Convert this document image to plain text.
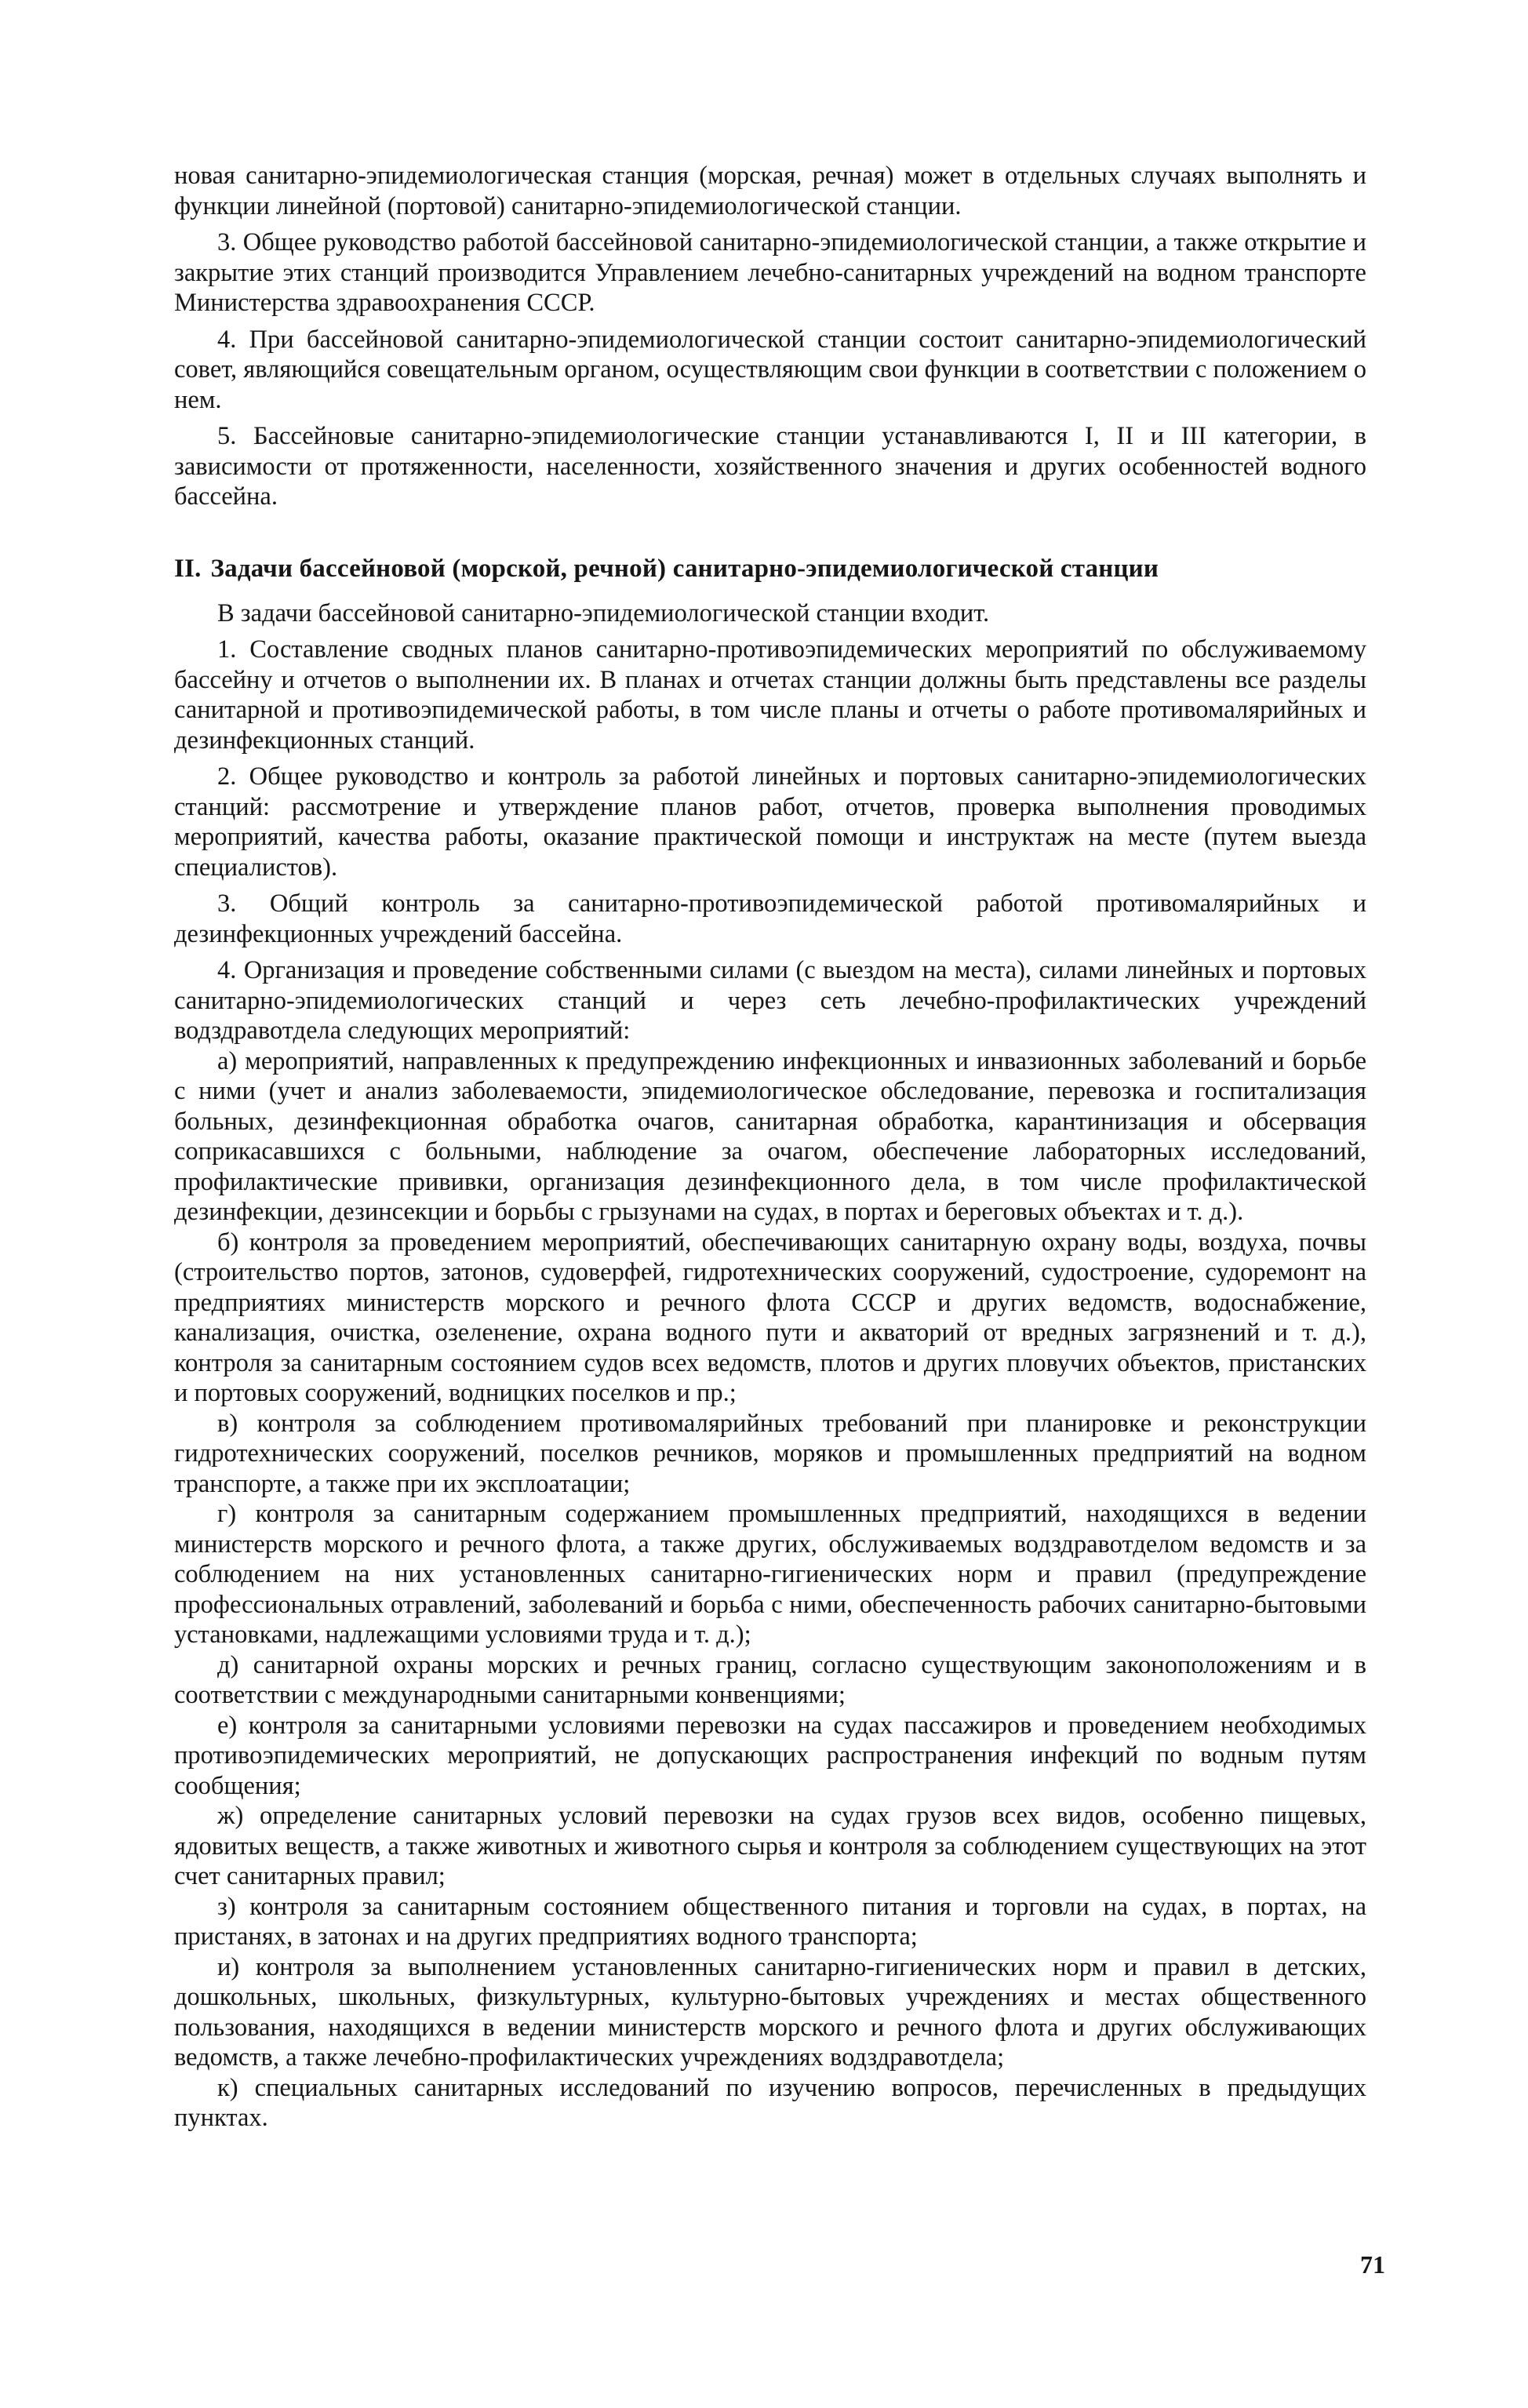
новая санитарно-эпидемиологическая станция (морская, речная) может в отдельных случаях выполнять и функции линейной (портовой) санитарно-эпидемиологической станции.

3. Общее руководство работой бассейновой санитарно-эпидемиологической станции, а также открытие и закрытие этих станций производится Управлением лечебно-санитарных учреждений на водном транспорте Министерства здравоохранения СССР.

4. При бассейновой санитарно-эпидемиологической станции состоит санитарно-эпидемиологический совет, являющийся совещательным органом, осуществляющим свои функции в соответствии с положением о нем.

5. Бассейновые санитарно-эпидемиологические станции устанавливаются I, II и III категории, в зависимости от протяженности, населенности, хозяйственного значения и других особенностей водного бассейна.

II. Задачи бассейновой (морской, речной) санитарно-эпидемиологической станции

В задачи бассейновой санитарно-эпидемиологической станции входит.

1. Составление сводных планов санитарно-противоэпидемических мероприятий по обслуживаемому бассейну и отчетов о выполнении их. В планах и отчетах станции должны быть представлены все разделы санитарной и противоэпидемической работы, в том числе планы и отчеты о работе противомалярийных и дезинфекционных станций.

2. Общее руководство и контроль за работой линейных и портовых санитарно-эпидемиологических станций: рассмотрение и утверждение планов работ, отчетов, проверка выполнения проводимых мероприятий, качества работы, оказание практической помощи и инструктаж на месте (путем выезда специалистов).

3. Общий контроль за санитарно-противоэпидемической работой противомалярийных и дезинфекционных учреждений бассейна.

4. Организация и проведение собственными силами (с выездом на места), силами линейных и портовых санитарно-эпидемиологических станций и через сеть лечебно-профилактических учреждений водздравотдела следующих мероприятий:

а) мероприятий, направленных к предупреждению инфекционных и инвазионных заболеваний и борьбе с ними (учет и анализ заболеваемости, эпидемиологическое обследование, перевозка и госпитализация больных, дезинфекционная обработка очагов, санитарная обработка, карантинизация и обсервация соприкасавшихся с больными, наблюдение за очагом, обеспечение лабораторных исследований, профилактические прививки, организация дезинфекционного дела, в том числе профилактической дезинфекции, дезинсекции и борьбы с грызунами на судах, в портах и береговых объектах и т. д.).

б) контроля за проведением мероприятий, обеспечивающих санитарную охрану воды, воздуха, почвы (строительство портов, затонов, судоверфей, гидротехнических сооружений, судостроение, судоремонт на предприятиях министерств морского и речного флота СССР и других ведомств, водоснабжение, канализация, очистка, озеленение, охрана водного пути и акваторий от вредных загрязнений и т. д.), контроля за санитарным состоянием судов всех ведомств, плотов и других пловучих объектов, пристанских и портовых сооружений, водницких поселков и пр.;

в) контроля за соблюдением противомалярийных требований при планировке и реконструкции гидротехнических сооружений, поселков речников, моряков и промышленных предприятий на водном транспорте, а также при их эксплоатации;

г) контроля за санитарным содержанием промышленных предприятий, находящихся в ведении министерств морского и речного флота, а также других, обслуживаемых водздравотделом ведомств и за соблюдением на них установленных санитарно-гигиенических норм и правил (предупреждение профессиональных отравлений, заболеваний и борьба с ними, обеспеченность рабочих санитарно-бытовыми установками, надлежащими условиями труда и т. д.);

д) санитарной охраны морских и речных границ, согласно существующим законоположениям и в соответствии с международными санитарными конвенциями;

е) контроля за санитарными условиями перевозки на судах пассажиров и проведением необходимых противоэпидемических мероприятий, не допускающих распространения инфекций по водным путям сообщения;

ж) определение санитарных условий перевозки на судах грузов всех видов, особенно пищевых, ядовитых веществ, а также животных и животного сырья и контроля за соблюдением существующих на этот счет санитарных правил;

з) контроля за санитарным состоянием общественного питания и торговли на судах, в портах, на пристанях, в затонах и на других предприятиях водного транспорта;

и) контроля за выполнением установленных санитарно-гигиенических норм и правил в детских, дошкольных, школьных, физкультурных, культурно-бытовых учреждениях и местах общественного пользования, находящихся в ведении министерств морского и речного флота и других обслуживающих ведомств, а также лечебно-профилактических учреждениях водздравотдела;

к) специальных санитарных исследований по изучению вопросов, перечисленных в предыдущих пунктах.

71
